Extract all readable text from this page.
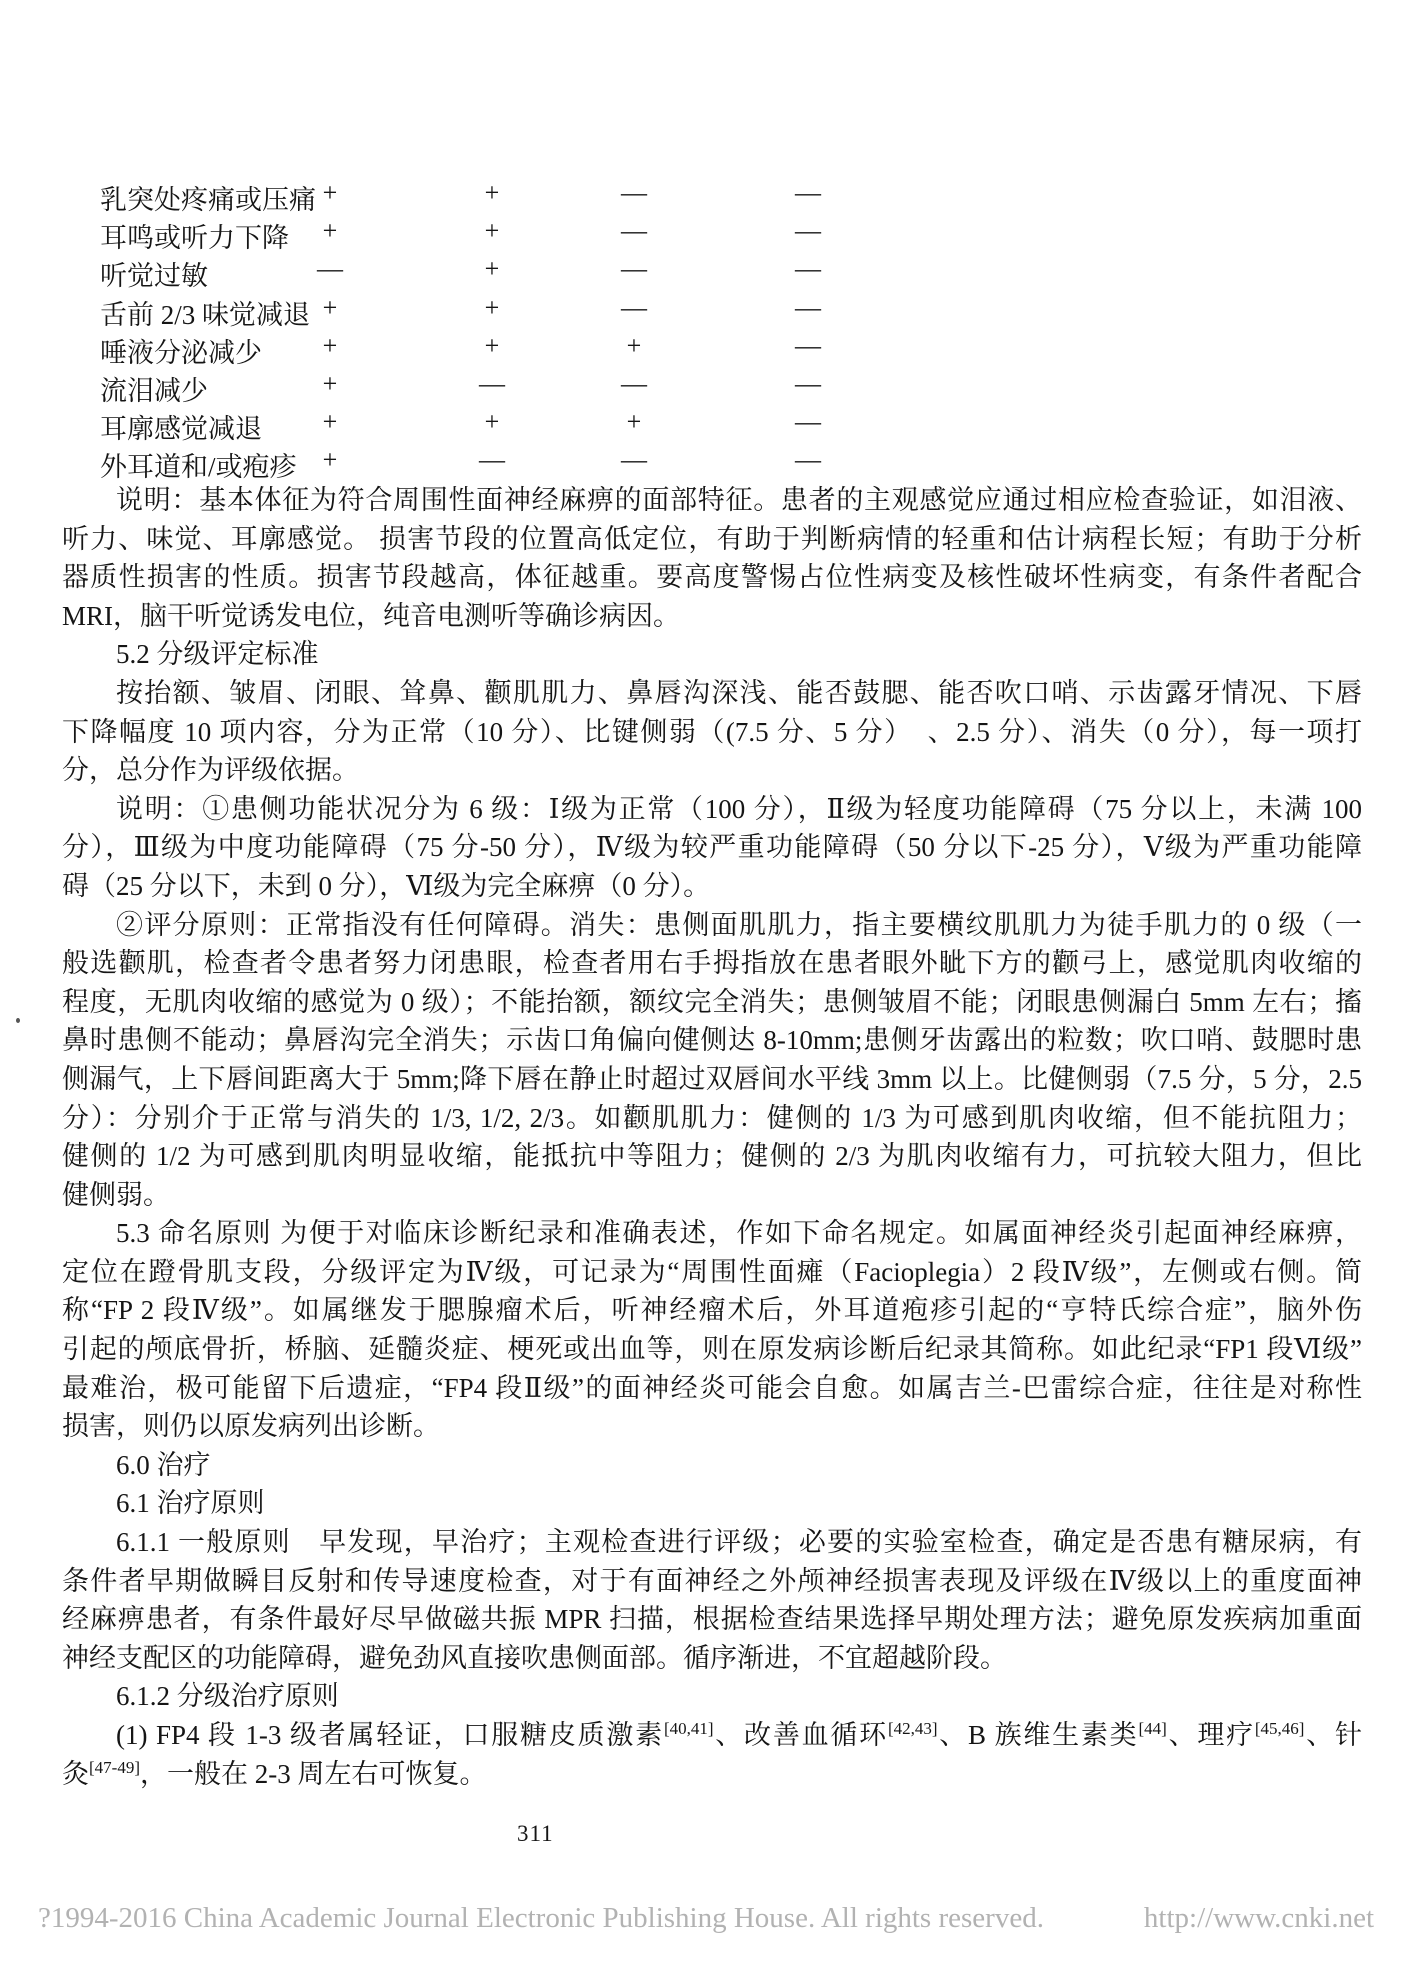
乳突处疼痛或压痛 +	+	—	—
耳鸣或听力下降 +	+	—	—
听觉过敏	—	+	—	—
舌前 2/3 味觉减退 +	+	—	—
唾液分泌减少 +	+	+	—
流泪减少	+	—	—	—
耳廓感觉减退 +	+	+	—
外耳道和/或疱疹 +	—	—	—
说明：基本体征为符合周围性面神经麻痹的面部特征。患者的主观感觉应通过相应检查验证，如泪液、
听力、味觉、耳廓感觉。 损害节段的位置高低定位，有助于判断病情的轻重和估计病程长短；有助于分析
器质性损害的性质。损害节段越高，体征越重。要高度警惕占位性病变及核性破坏性病变，有条件者配合
MRI，脑干听觉诱发电位，纯音电测听等确诊病因。
5.2 分级评定标准
按抬额、皱眉、闭眼、耸鼻、颧肌肌力、鼻唇沟深浅、能否鼓腮、能否吹口哨、示齿露牙情况、下唇
下降幅度 10 项内容，分为正常（10 分）、比键侧弱（(7.5 分、5 分）　、2.5 分）、消失（0 分），每一项打
分，总分作为评级依据。
说明：①患侧功能状况分为 6 级：Ⅰ级为正常（100 分），Ⅱ级为轻度功能障碍（75 分以上，未满 100
分），Ⅲ级为中度功能障碍（75 分-50 分），Ⅳ级为较严重功能障碍（50 分以下-25 分），Ⅴ级为严重功能障
碍（25 分以下，未到 0 分），Ⅵ级为完全麻痹（0 分）。
②评分原则：正常指没有任何障碍。消失：患侧面肌肌力，指主要横纹肌肌力为徒手肌力的 0 级（一
般选颧肌，检查者令患者努力闭患眼，检查者用右手拇指放在患者眼外眦下方的颧弓上，感觉肌肉收缩的
程度，无肌肉收缩的感觉为 0 级）；不能抬额，额纹完全消失；患侧皱眉不能；闭眼患侧漏白 5mm 左右；搐
鼻时患侧不能动；鼻唇沟完全消失；示齿口角偏向健侧达 8-10mm;患侧牙齿露出的粒数；吹口哨、鼓腮时患
侧漏气，上下唇间距离大于 5mm;降下唇在静止时超过双唇间水平线 3mm 以上。比健侧弱（7.5 分，5 分，2.5
分）：分别介于正常与消失的 1/3, 1/2, 2/3。如颧肌肌力：健侧的 1/3 为可感到肌肉收缩，但不能抗阻力；
健侧的 1/2 为可感到肌肉明显收缩，能抵抗中等阻力；健侧的 2/3 为肌肉收缩有力，可抗较大阻力，但比
健侧弱。
5.3 命名原则 为便于对临床诊断纪录和准确表述，作如下命名规定。如属面神经炎引起面神经麻痹，
定位在蹬骨肌支段，分级评定为Ⅳ级，可记录为“周围性面瘫（Facioplegia）2 段Ⅳ级”，左侧或右侧。简
称“FP 2 段Ⅳ级”。如属继发于腮腺瘤术后，听神经瘤术后，外耳道疱疹引起的“亨特氏综合症”，脑外伤
引起的颅底骨折，桥脑、延髓炎症、梗死或出血等，则在原发病诊断后纪录其简称。如此纪录“FP1 段Ⅵ级”
最难治，极可能留下后遗症，“FP4 段Ⅱ级”的面神经炎可能会自愈。如属吉兰-巴雷综合症，往往是对称性
损害，则仍以原发病列出诊断。
6.0 治疗
6.1 治疗原则
6.1.1 一般原则　早发现，早治疗；主观检查进行评级；必要的实验室检查，确定是否患有糖尿病，有
条件者早期做瞬目反射和传导速度检查，对于有面神经之外颅神经损害表现及评级在Ⅳ级以上的重度面神
经麻痹患者，有条件最好尽早做磁共振 MPR 扫描，根据检查结果选择早期处理方法；避免原发疾病加重面
神经支配区的功能障碍，避免劲风直接吹患侧面部。循序渐进，不宜超越阶段。
6.1.2 分级治疗原则
(1) FP4 段 1-3 级者属轻证，口服糖皮质激素[40,41]、改善血循环[42,43]、B 族维生素类[44]、理疗[45,46]、针
灸[47-49]，一般在 2-3 周左右可恢复。
311
?1994-2016 China Academic Journal Electronic Publishing House. All rights reserved.	http://www.cnki.net
